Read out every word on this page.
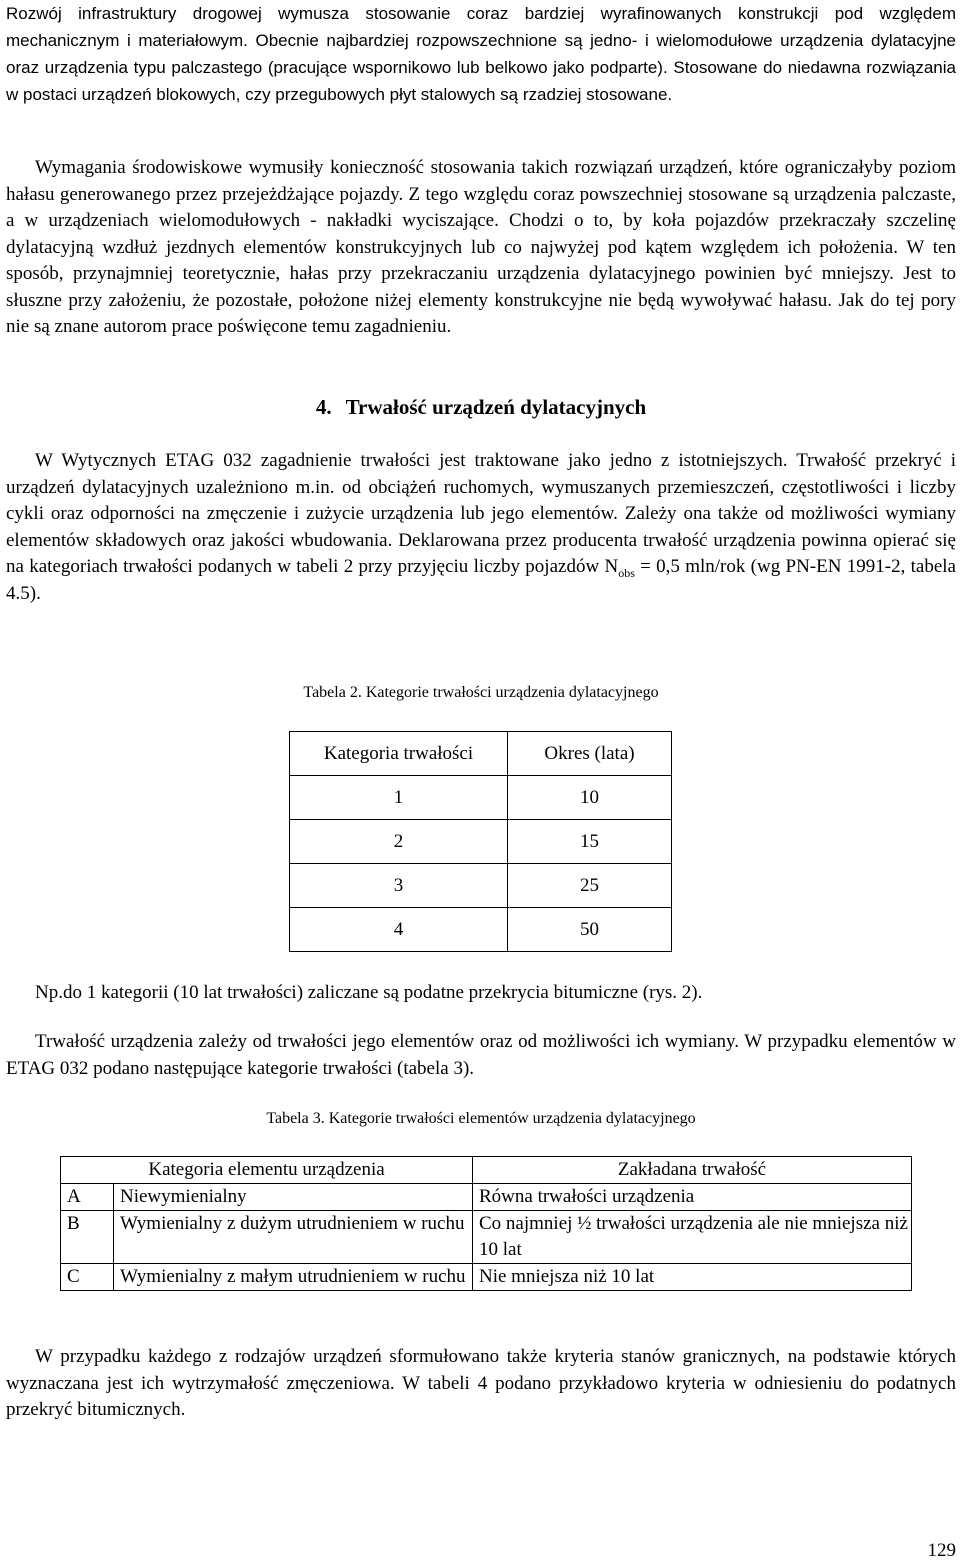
Rozwój infrastruktury drogowej wymusza stosowanie coraz bardziej wyrafinowanych konstrukcji pod względem mechanicznym i materiałowym. Obecnie najbardziej rozpowszechnione są jedno- i wielomodułowe urządzenia dylatacyjne oraz urządzenia typu palczastego (pracujące wspornikowo lub belkowo jako podparte). Stosowane do niedawna rozwiązania w postaci urządzeń blokowych, czy przegubowych płyt stalowych są rzadziej stosowane.

Wymagania środowiskowe wymusiły konieczność stosowania takich rozwiązań urządzeń, które ograniczałyby poziom hałasu generowanego przez przejeżdżające pojazdy. Z tego względu coraz powszechniej stosowane są urządzenia palczaste, a w urządzeniach wielomodułowych - nakładki wyciszające. Chodzi o to, by koła pojazdów przekraczały szczelinę dylatacyjną wzdłuż jezdnych elementów konstrukcyjnych lub co najwyżej pod kątem względem ich położenia. W ten sposób, przynajmniej teoretycznie, hałas przy przekraczaniu urządzenia dylatacyjnego powinien być mniejszy. Jest to słuszne przy założeniu, że pozostałe, położone niżej elementy konstrukcyjne nie będą wywoływać hałasu. Jak do tej pory nie są znane autorom prace poświęcone temu zagadnieniu.

4. Trwałość urządzeń dylatacyjnych

W Wytycznych ETAG 032 zagadnienie trwałości jest traktowane jako jedno z istotniejszych. Trwałość przekryć i urządzeń dylatacyjnych uzależniono m.in. od obciążeń ruchomych, wymuszanych przemieszczeń, częstotliwości i liczby cykli oraz odporności na zmęczenie i zużycie urządzenia lub jego elementów. Zależy ona także od możliwości wymiany elementów składowych oraz jakości wbudowania. Deklarowana przez producenta trwałość urządzenia powinna opierać się na kategoriach trwałości podanych w tabeli 2 przy przyjęciu liczby pojazdów $N_{obs} = 0,5$ mln/rok (wg PN-EN 1991-2, tabela 4.5).

Tabela 2. Kategorie trwałości urządzenia dylatacyjnego
Kategoria trwałości	Okres (lata)
1	10
2	15
3	25
4	50

Np.do 1 kategorii (10 lat trwałości) zaliczane są podatne przekrycia bitumiczne (rys. 2).

Trwałość urządzenia zależy od trwałości jego elementów oraz od możliwości ich wymiany. W przypadku elementów w ETAG 032 podano następujące kategorie trwałości (tabela 3).

Tabela 3. Kategorie trwałości elementów urządzenia dylatacyjnego
Kategoria elementu urządzenia		Zakładana trwałość
A	Niewymienialny	Równa trwałości urządzenia
B	Wymienialny z dużym utrudnieniem w ruchu	Co najmniej ½ trwałości urządzenia ale nie mniejsza niż 10 lat
C	Wymienialny z małym utrudnieniem w ruchu	Nie mniejsza niż 10 lat

W przypadku każdego z rodzajów urządzeń sformułowano także kryteria stanów granicznych, na podstawie których wyznaczana jest ich wytrzymałość zmęczeniowa. W tabeli 4 podano przykładowo kryteria w odniesieniu do podatnych przekryć bitumicznych.

129
